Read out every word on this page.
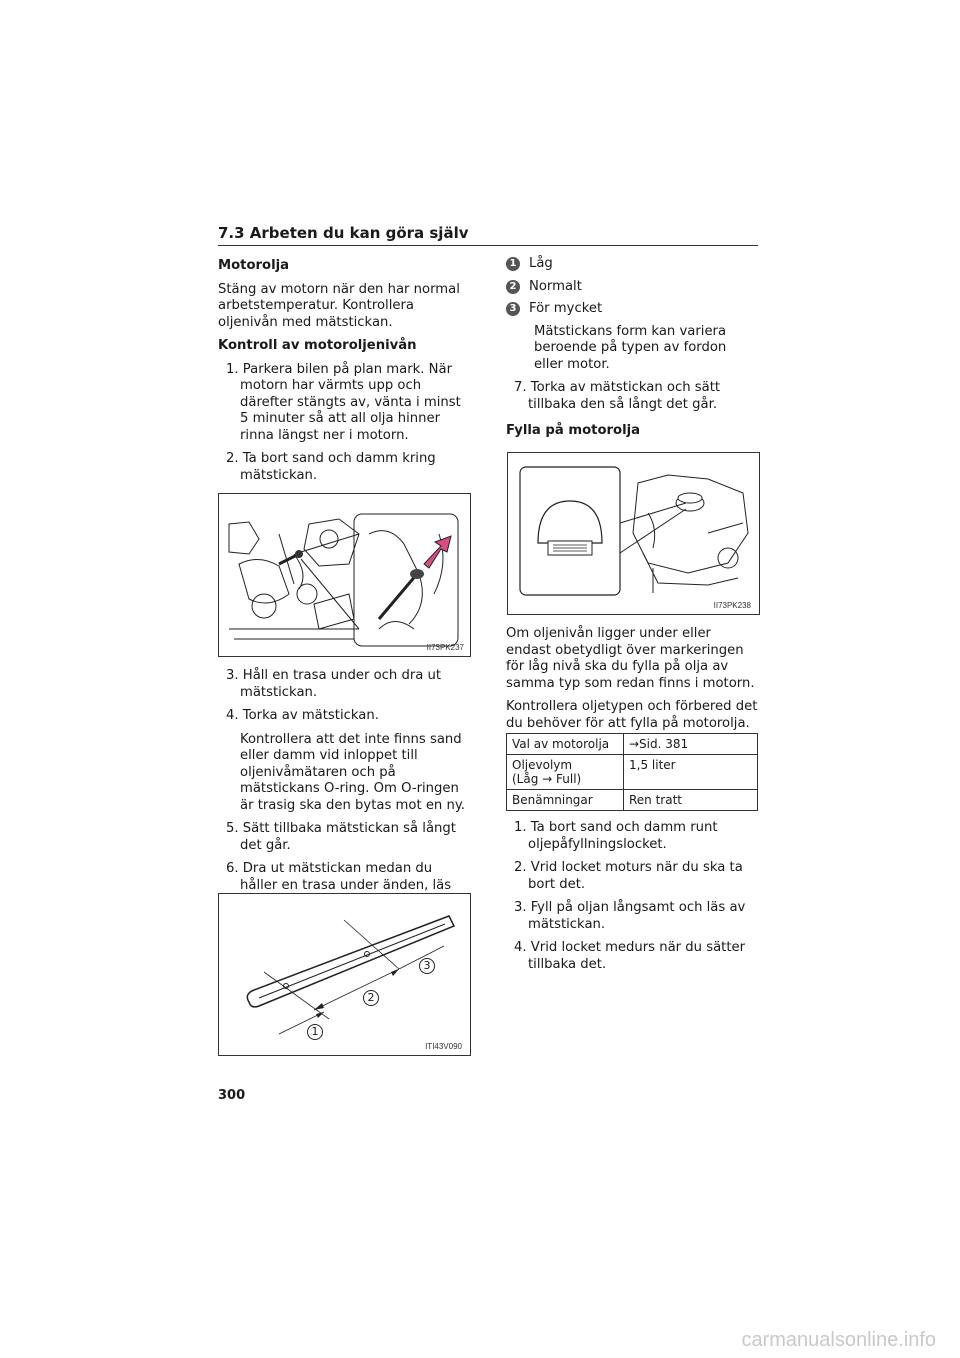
7.3 Arbeten du kan göra själv
Motorolja

Stäng av motorn när den har normal arbetstemperatur. Kontrollera oljenivån med mätstickan.

Kontroll av motoroljenivån
1. Parkera bilen på plan mark. När motorn har värmts upp och därefter stängts av, vänta i minst 5 minuter så att all olja hinner rinna längst ner i motorn.
2. Ta bort sand och damm kring mätstickan.
II73PK237
3. Håll en trasa under och dra ut mätstickan.
4. Torka av mätstickan.
Kontrollera att det inte finns sand eller damm vid inloppet till oljenivåmätaren och på mätstickans O-ring. Om O-ringen är trasig ska den bytas mot en ny.
5. Sätt tillbaka mätstickan så långt det går.
6. Dra ut mätstickan medan du håller en trasa under änden, läs
1
2
3
ITI43V090
1 Låg
2 Normalt
3 För mycket
Mätstickans form kan variera beroende på typen av fordon eller motor.
7. Torka av mätstickan och sätt tillbaka den så långt det går.
Fylla på motorolja
II73PK238

Om oljenivån ligger under eller endast obetydligt över markeringen för låg nivå ska du fylla på olja av samma typ som redan finns i motorn.

Kontrollera oljetypen och förbered det du behöver för att fylla på motorolja.

Val av motorolja	→Sid. 381
Oljevolym
(Låg → Full)	1,5 liter
Benämningar	Ren tratt
1. Ta bort sand och damm runt oljepåfyllningslocket.
2. Vrid locket moturs när du ska ta bort det.
3. Fyll på oljan långsamt och läs av mätstickan.
4. Vrid locket medurs när du sätter tillbaka det.
300
carmanualsonline.info
